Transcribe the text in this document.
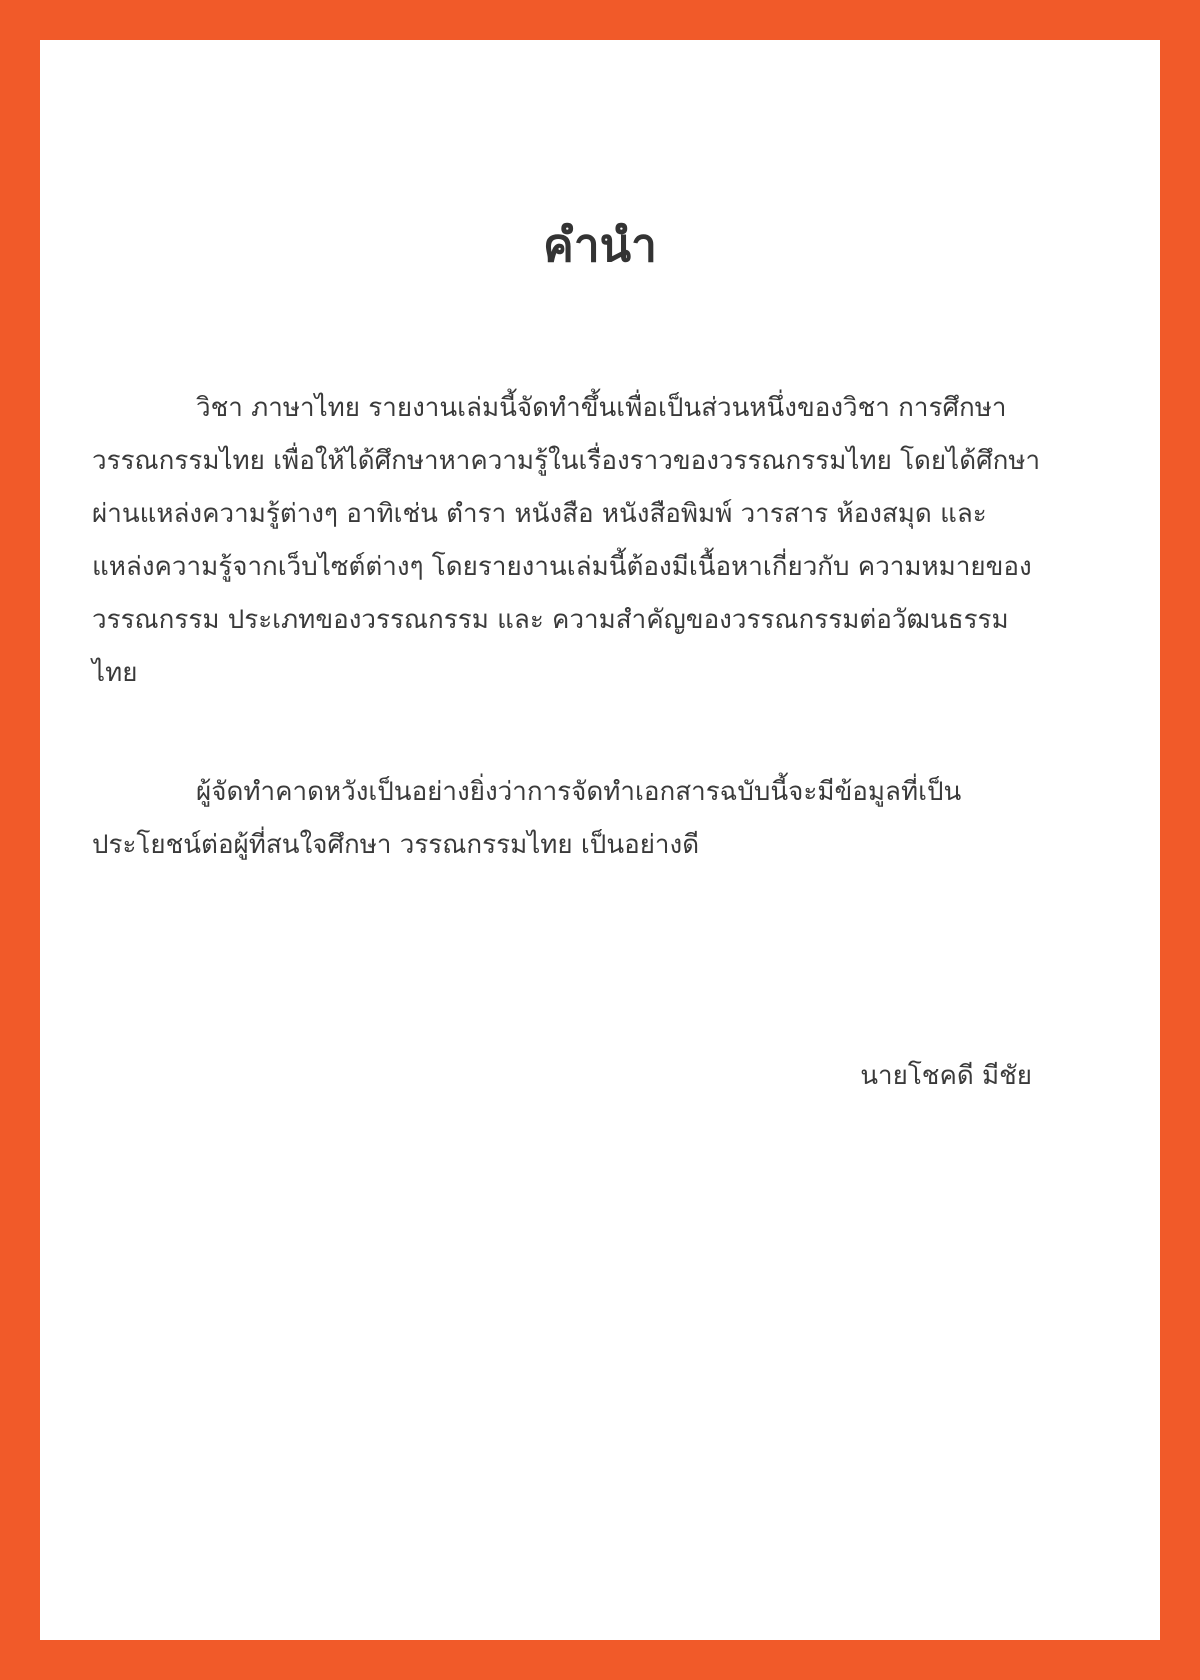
คำนำ
วิชา ภาษาไทย รายงานเล่มนี้จัดทำขึ้นเพื่อเป็นส่วนหนึ่งของวิชา การศึกษา
วรรณกรรมไทย เพื่อให้ได้ศึกษาหาความรู้ในเรื่องราวของวรรณกรรมไทย โดยได้ศึกษา
ผ่านแหล่งความรู้ต่างๆ อาทิเช่น ตำรา หนังสือ หนังสือพิมพ์ วารสาร ห้องสมุด และ
แหล่งความรู้จากเว็บไซต์ต่างๆ โดยรายงานเล่มนี้ต้องมีเนื้อหาเกี่ยวกับ ความหมายของ
วรรณกรรม ประเภทของวรรณกรรม และ ความสำคัญของวรรณกรรมต่อวัฒนธรรม
ไทย
ผู้จัดทำคาดหวังเป็นอย่างยิ่งว่าการจัดทำเอกสารฉบับนี้จะมีข้อมูลที่เป็น
ประโยชน์ต่อผู้ที่สนใจศึกษา วรรณกรรมไทย เป็นอย่างดี

นายโชคดี มีชัย
